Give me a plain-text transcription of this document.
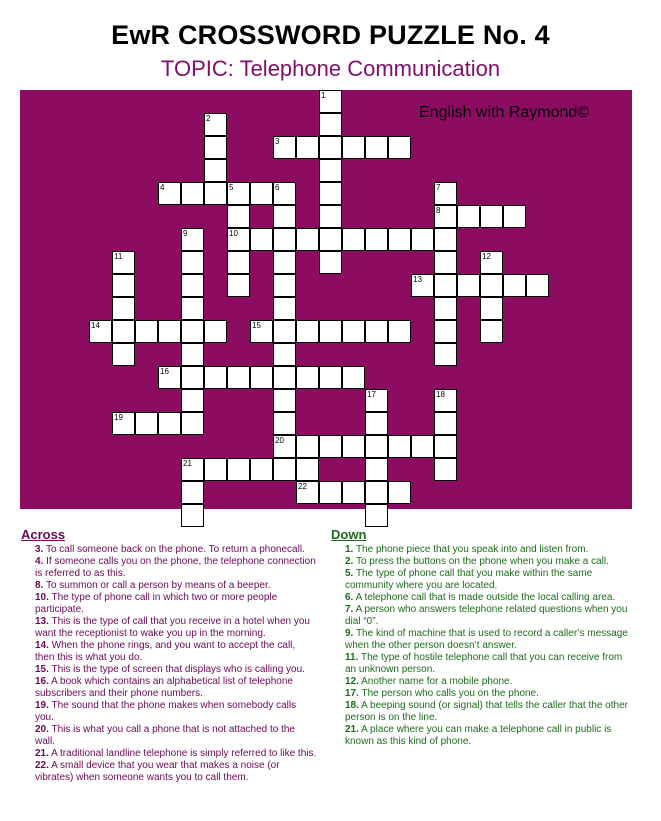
EwR CROSSWORD PUZZLE No. 4
TOPIC: Telephone Communication
English with Raymond©
3
4	5	6
8
10
13
14	15
16
19
20
21
22
1
2
7
9
11	12
17	18
Across
3. To call someone back on the phone. To return a phonecall.
4. If someone calls you on the phone, the telephone connection is referred to as this.
8. To summon or call a person by means of a beeper.
10. The type of phone call in which two or more people participate.
13. This is the type of call that you receive in a hotel when you want the receptionist to wake you up in the morning.
14. When the phone rings, and you want to accept the call, then this is what you do.
15. This is the type of screen that displays who is calling you.
16. A book which contains an alphabetical list of telephone subscribers and their phone numbers.
19. The sound that the phone makes when somebody calls you.
20. This is what you call a phone that is not attached to the wall.
21. A traditional landline telephone is simply referred to like this.
22. A small device that you wear that makes a noise (or vibrates) when someone wants you to call them.
Down
1. The phone piece that you speak into and listen from.
2. To press the buttons on the phone when you make a call.
5. The type of phone call that you make within the same community where you are located.
6. A telephone call that is made outside the local calling area.
7. A person who answers telephone related questions when you dial “0”.
9. The kind of machine that is used to record a caller’s message when the other person doesn’t answer.
11. The type of hostile telephone call that you can receive from an unknown person.
12. Another name for a mobile phone.
17. The person who calls you on the phone.
18. A beeping sound (or signal) that tells the caller that the other person is on the line.
21. A place where you can make a telephone call in public is known as this kind of phone.
